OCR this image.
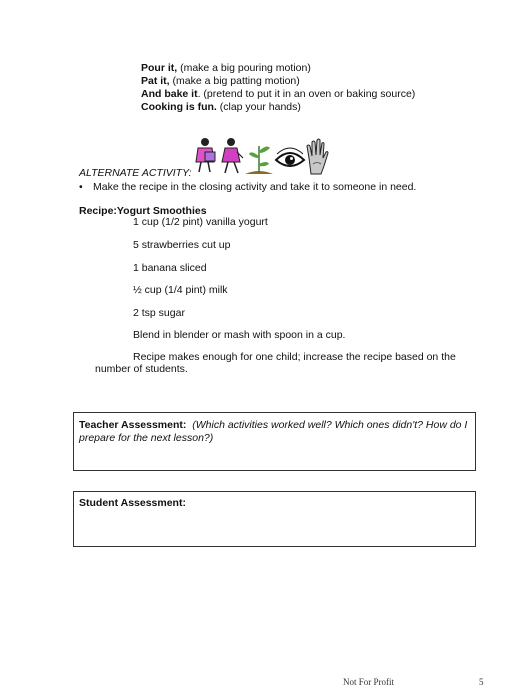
Pour it, (make a big pouring motion)
Pat it, (make a big patting motion)
And bake it. (pretend to put it in an oven or baking source)
Cooking is fun. (clap your hands)
ALTERNATE ACTIVITY:
• Make the recipe in the closing activity and take it to someone in need.
Recipe:Yogurt Smoothies
1 cup (1/2 pint) vanilla yogurt
5 strawberries cut up
1 banana sliced
½ cup (1/4 pint) milk
2 tsp sugar
Blend in blender or mash with spoon in a cup.
Recipe makes enough for one child; increase the recipe based on the
number of students.
Teacher Assessment: (Which activities worked well? Which ones didn't? How do I prepare for the next lesson?)
Student Assessment:
Not For Profit	5
